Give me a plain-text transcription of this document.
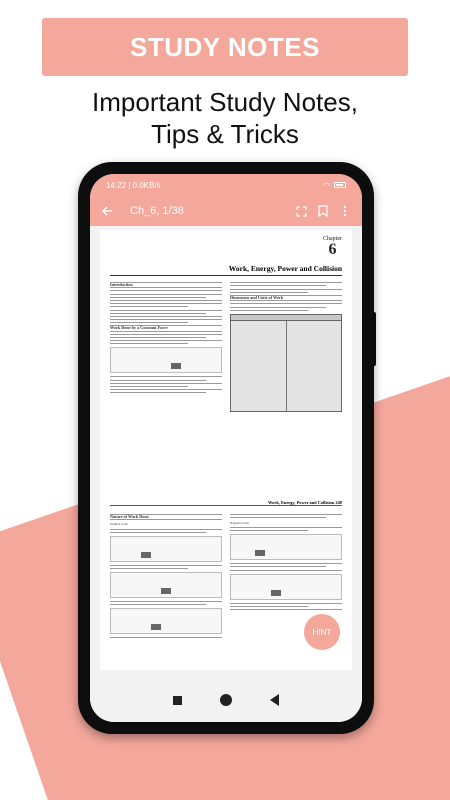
STUDY NOTES
Important Study Notes,
Tips & Tricks
14:22 | 0.0KB/s	◠
Ch_6, 1/38
Chapter
6
Work, Energy, Power and Collision
Introduction
Work Done by a Constant Force
Dimension and Units of Work
Work, Energy, Power and Collision 249
Nature of Work Done
Positive work	Negative work
HINT
